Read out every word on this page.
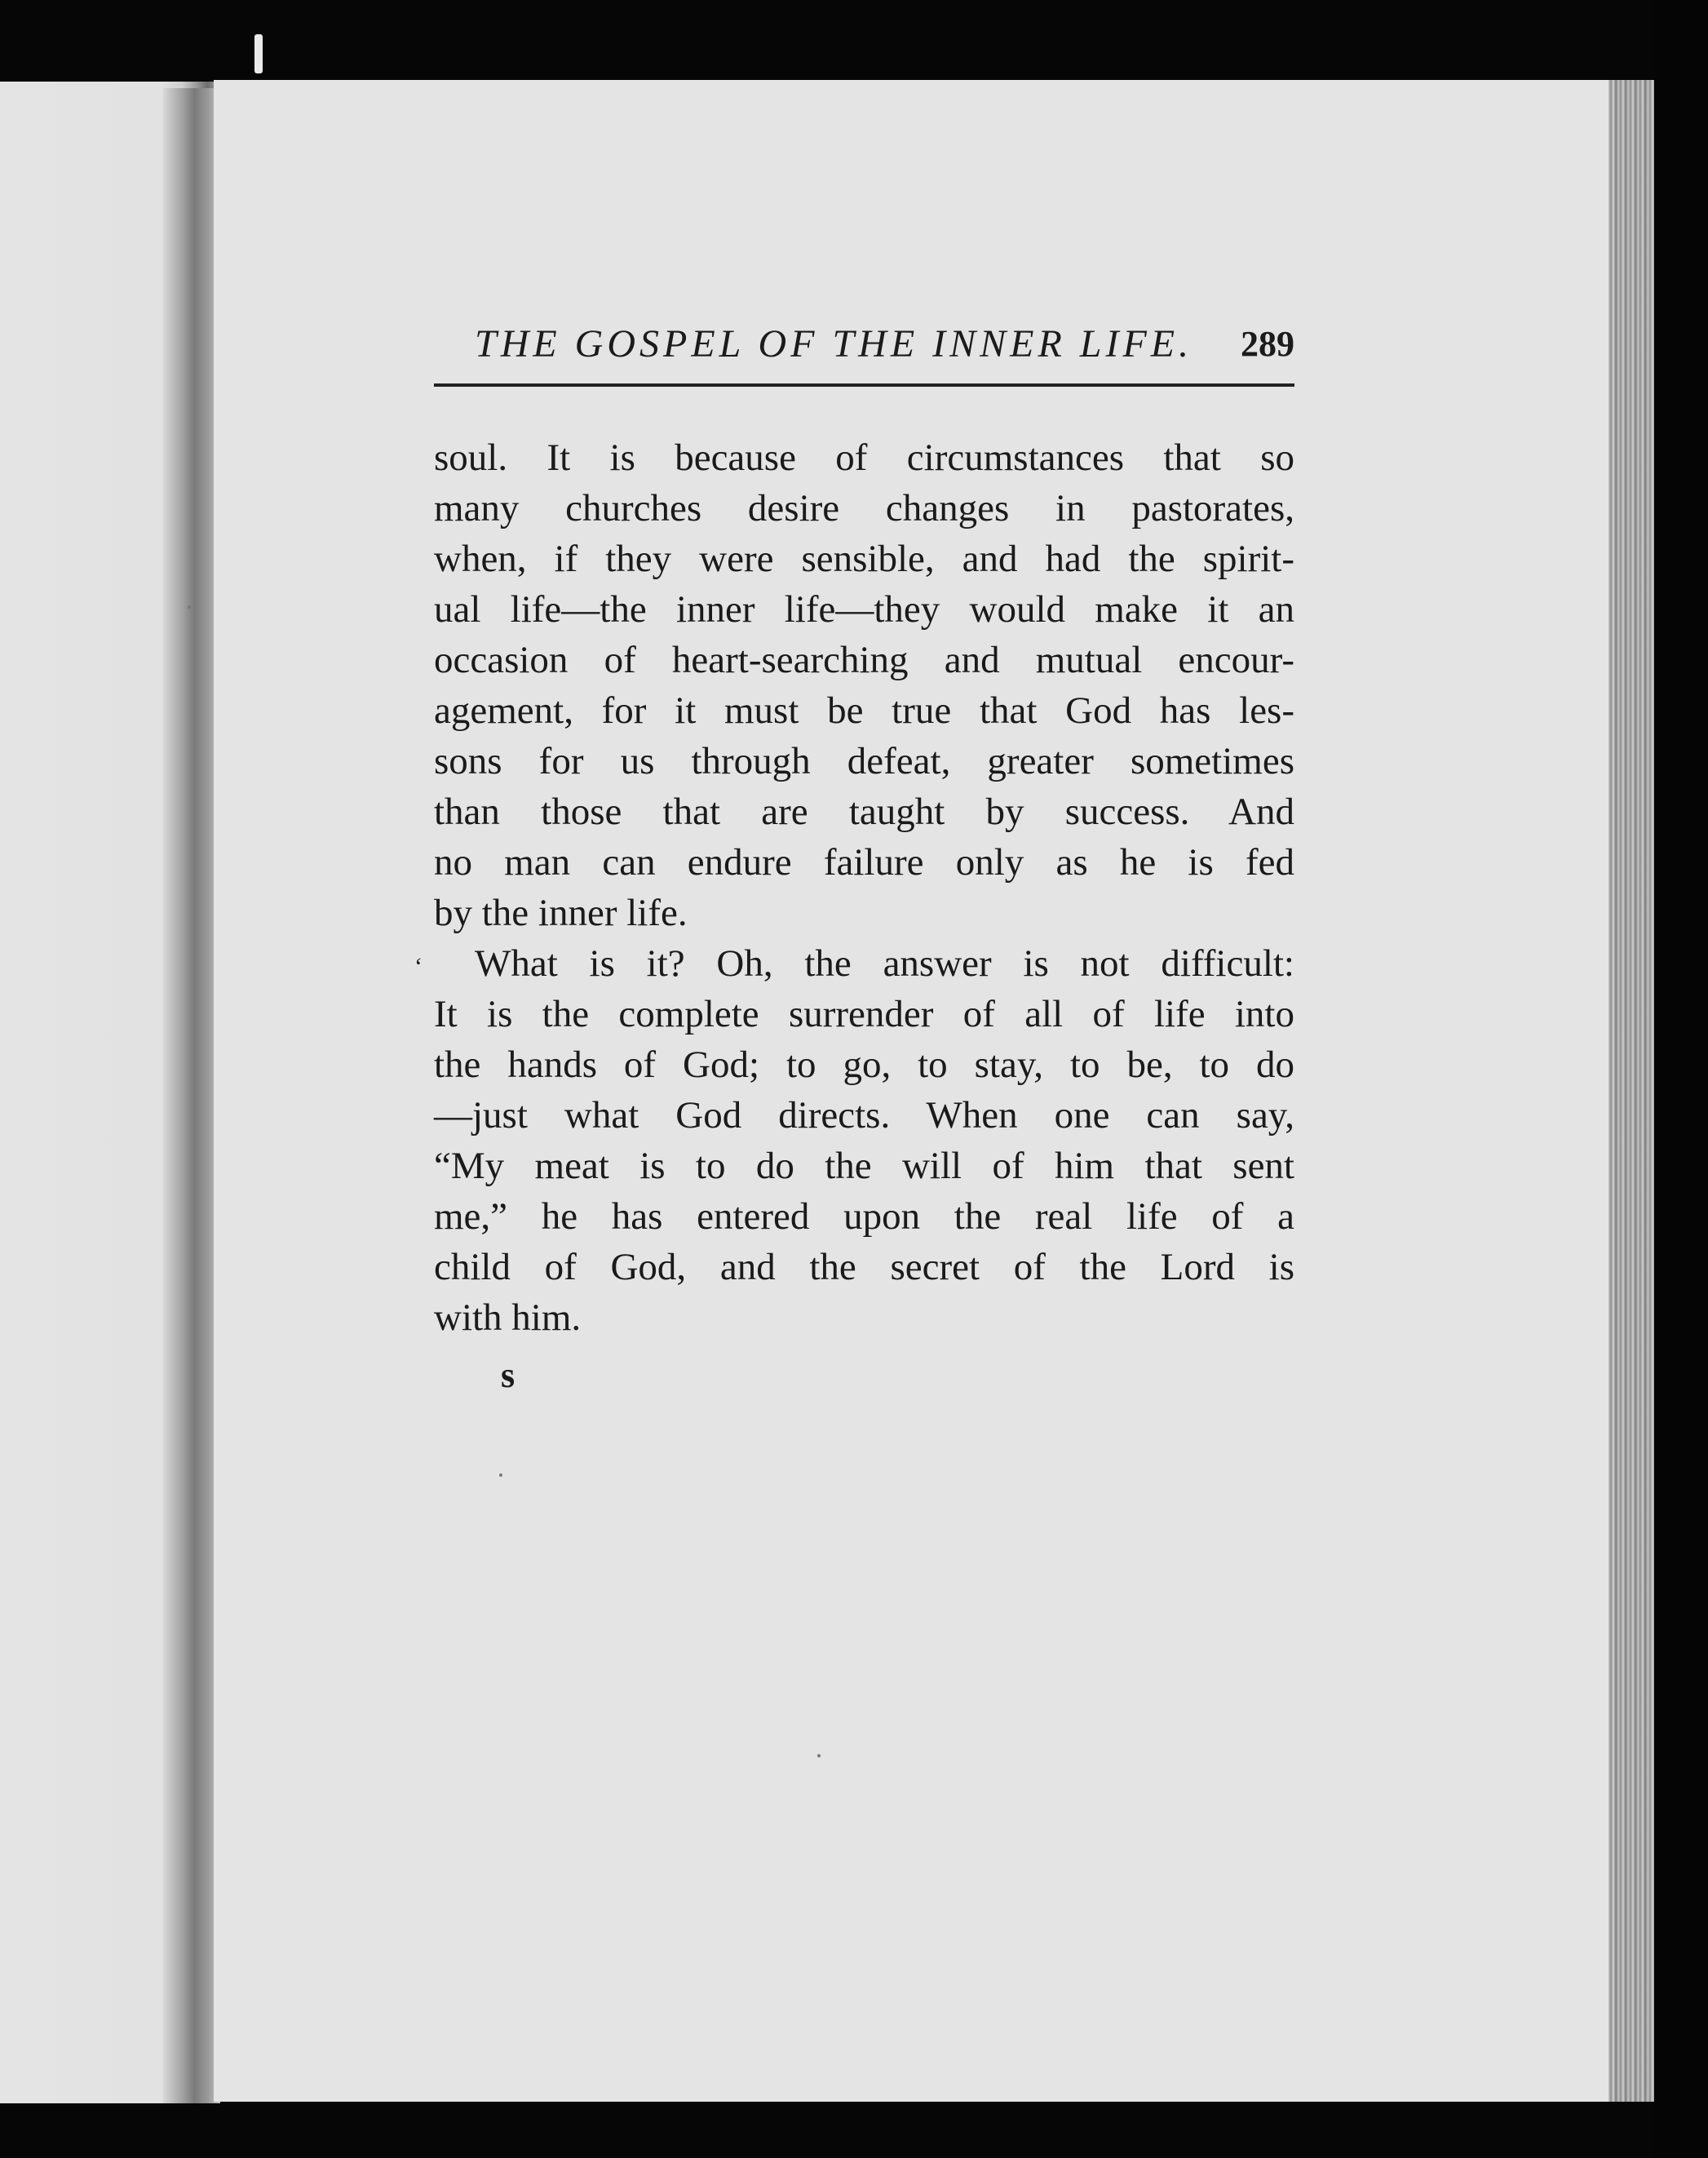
THE GOSPEL OF THE INNER LIFE. 289
soul. It is because of circumstances that so
many churches desire changes in pastorates,
when, if they were sensible, and had the spirit-
ual life—the inner life—they would make it an
occasion of heart-searching and mutual encour-
agement, for it must be true that God has les-
sons for us through defeat, greater sometimes
than those that are taught by success. And
no man can endure failure only as he is fed
by the inner life.
What is it? Oh, the answer is not difficult:
It is the complete surrender of all of life into
the hands of God; to go, to stay, to be, to do
—just what God directs. When one can say,
“My meat is to do the will of him that sent
me,” he has entered upon the real life of a
child of God, and the secret of the Lord is
with him.
‘
s
